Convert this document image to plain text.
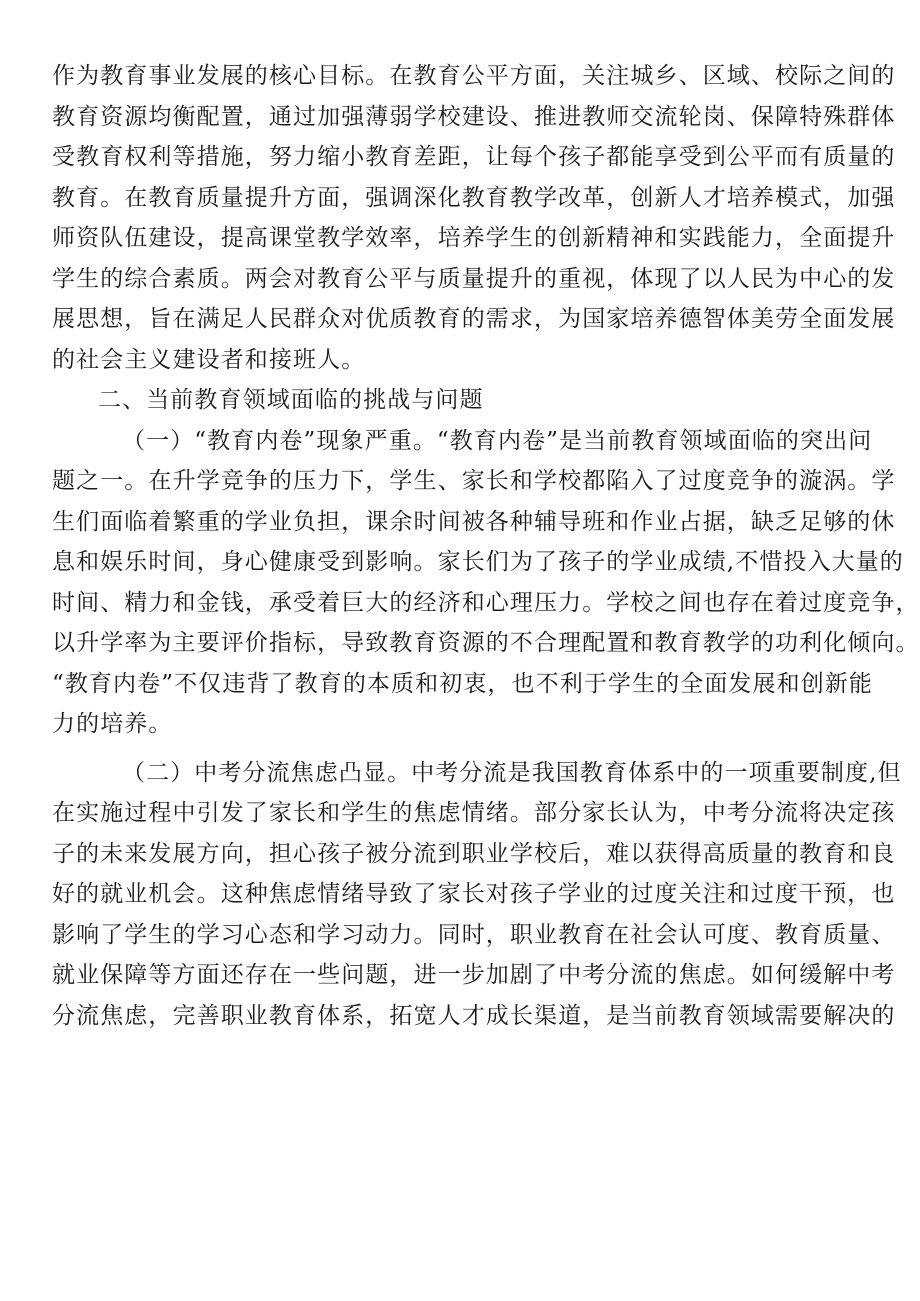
作为教育事业发展的核心目标。在教育公平方面，关注城乡、区域、校际之间的
教育资源均衡配置，通过加强薄弱学校建设、推进教师交流轮岗、保障特殊群体
受教育权利等措施，努力缩小教育差距，让每个孩子都能享受到公平而有质量的
教育。在教育质量提升方面，强调深化教育教学改革，创新人才培养模式，加强
师资队伍建设，提高课堂教学效率，培养学生的创新精神和实践能力，全面提升
学生的综合素质。两会对教育公平与质量提升的重视，体现了以人民为中心的发
展思想，旨在满足人民群众对优质教育的需求，为国家培养德智体美劳全面发展
的社会主义建设者和接班人。
二、当前教育领域面临的挑战与问题
（一）“教育内卷”现象严重。“教育内卷”是当前教育领域面临的突出问
题之一。在升学竞争的压力下，学生、家长和学校都陷入了过度竞争的漩涡。学
生们面临着繁重的学业负担，课余时间被各种辅导班和作业占据，缺乏足够的休
息和娱乐时间，身心健康受到影响。家长们为了孩子的学业成绩,不惜投入大量的
时间、精力和金钱，承受着巨大的经济和心理压力。学校之间也存在着过度竞争，
以升学率为主要评价指标，导致教育资源的不合理配置和教育教学的功利化倾向。
“教育内卷”不仅违背了教育的本质和初衷，也不利于学生的全面发展和创新能
力的培养。
（二）中考分流焦虑凸显。中考分流是我国教育体系中的一项重要制度,但
在实施过程中引发了家长和学生的焦虑情绪。部分家长认为，中考分流将决定孩
子的未来发展方向，担心孩子被分流到职业学校后，难以获得高质量的教育和良
好的就业机会。这种焦虑情绪导致了家长对孩子学业的过度关注和过度干预，也
影响了学生的学习心态和学习动力。同时，职业教育在社会认可度、教育质量、
就业保障等方面还存在一些问题，进一步加剧了中考分流的焦虑。如何缓解中考
分流焦虑，完善职业教育体系，拓宽人才成长渠道，是当前教育领域需要解决的
